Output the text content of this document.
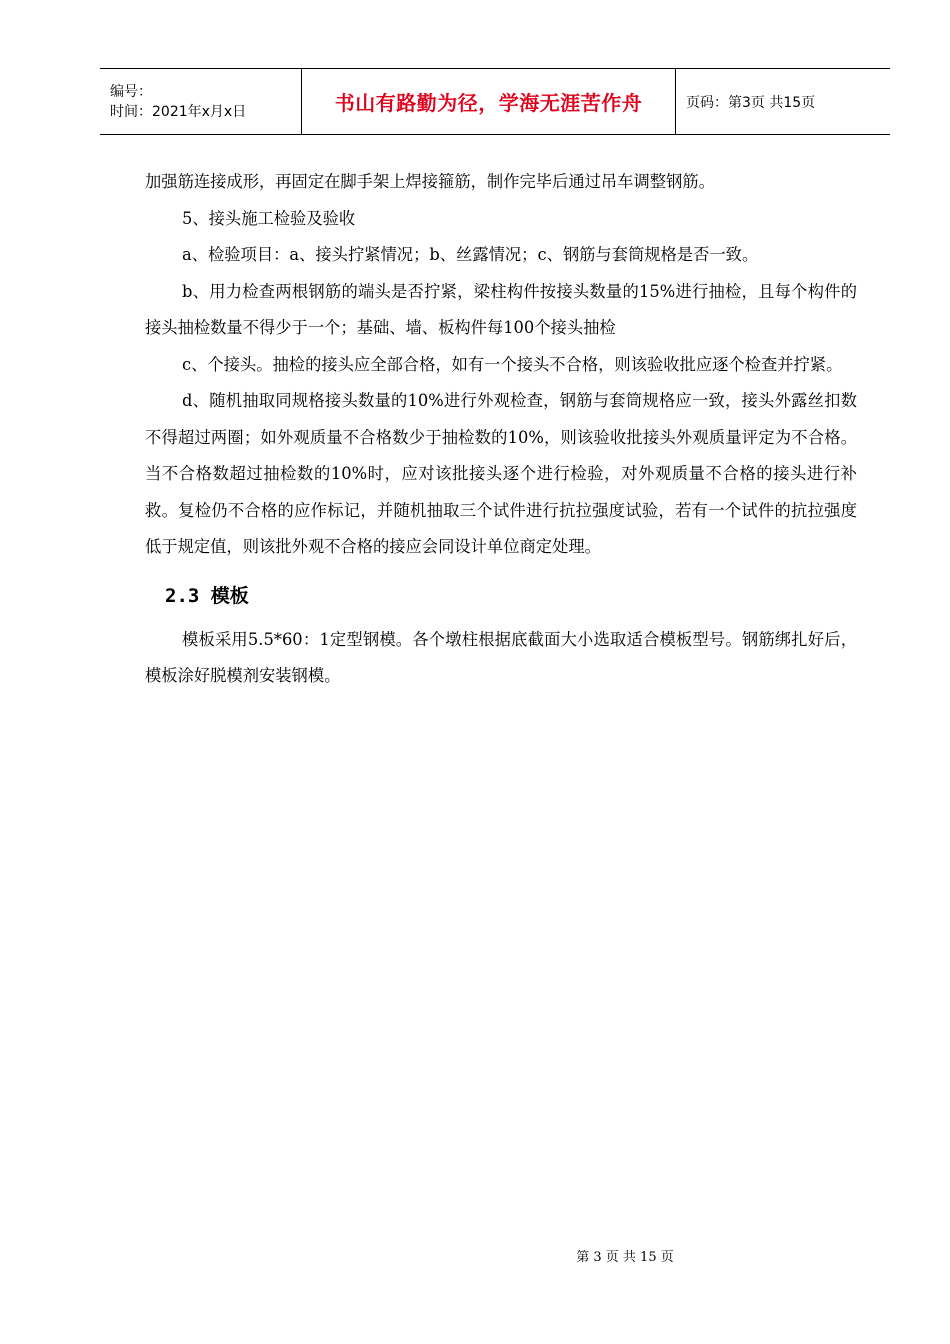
编号：
时间：2021年x月x日	书山有路勤为径，学海无涯苦作舟	页码：第3页 共15页

加强筋连接成形，再固定在脚手架上焊接箍筋，制作完毕后通过吊车调整钢筋。

5、接头施工检验及验收

a、检验项目：a、接头拧紧情况；b、丝露情况；c、钢筋与套筒规格是否一致。

b、用力检查两根钢筋的端头是否拧紧，梁柱构件按接头数量的15%进行抽检，且每个构件的接头抽检数量不得少于一个；基础、墙、板构件每100个接头抽检

c、个接头。抽检的接头应全部合格，如有一个接头不合格，则该验收批应逐个检查并拧紧。

d、随机抽取同规格接头数量的10%进行外观检查，钢筋与套筒规格应一致，接头外露丝扣数不得超过两圈；如外观质量不合格数少于抽检数的10%，则该验收批接头外观质量评定为不合格。当不合格数超过抽检数的10%时，应对该批接头逐个进行检验，对外观质量不合格的接头进行补救。复检仍不合格的应作标记，并随机抽取三个试件进行抗拉强度试验，若有一个试件的抗拉强度低于规定值，则该批外观不合格的接应会同设计单位商定处理。

2.3 模板

模板采用5.5*60：1定型钢模。各个墩柱根据底截面大小选取适合模板型号。钢筋绑扎好后，模板涂好脱模剂安装钢模。

第 3 页 共 15 页
